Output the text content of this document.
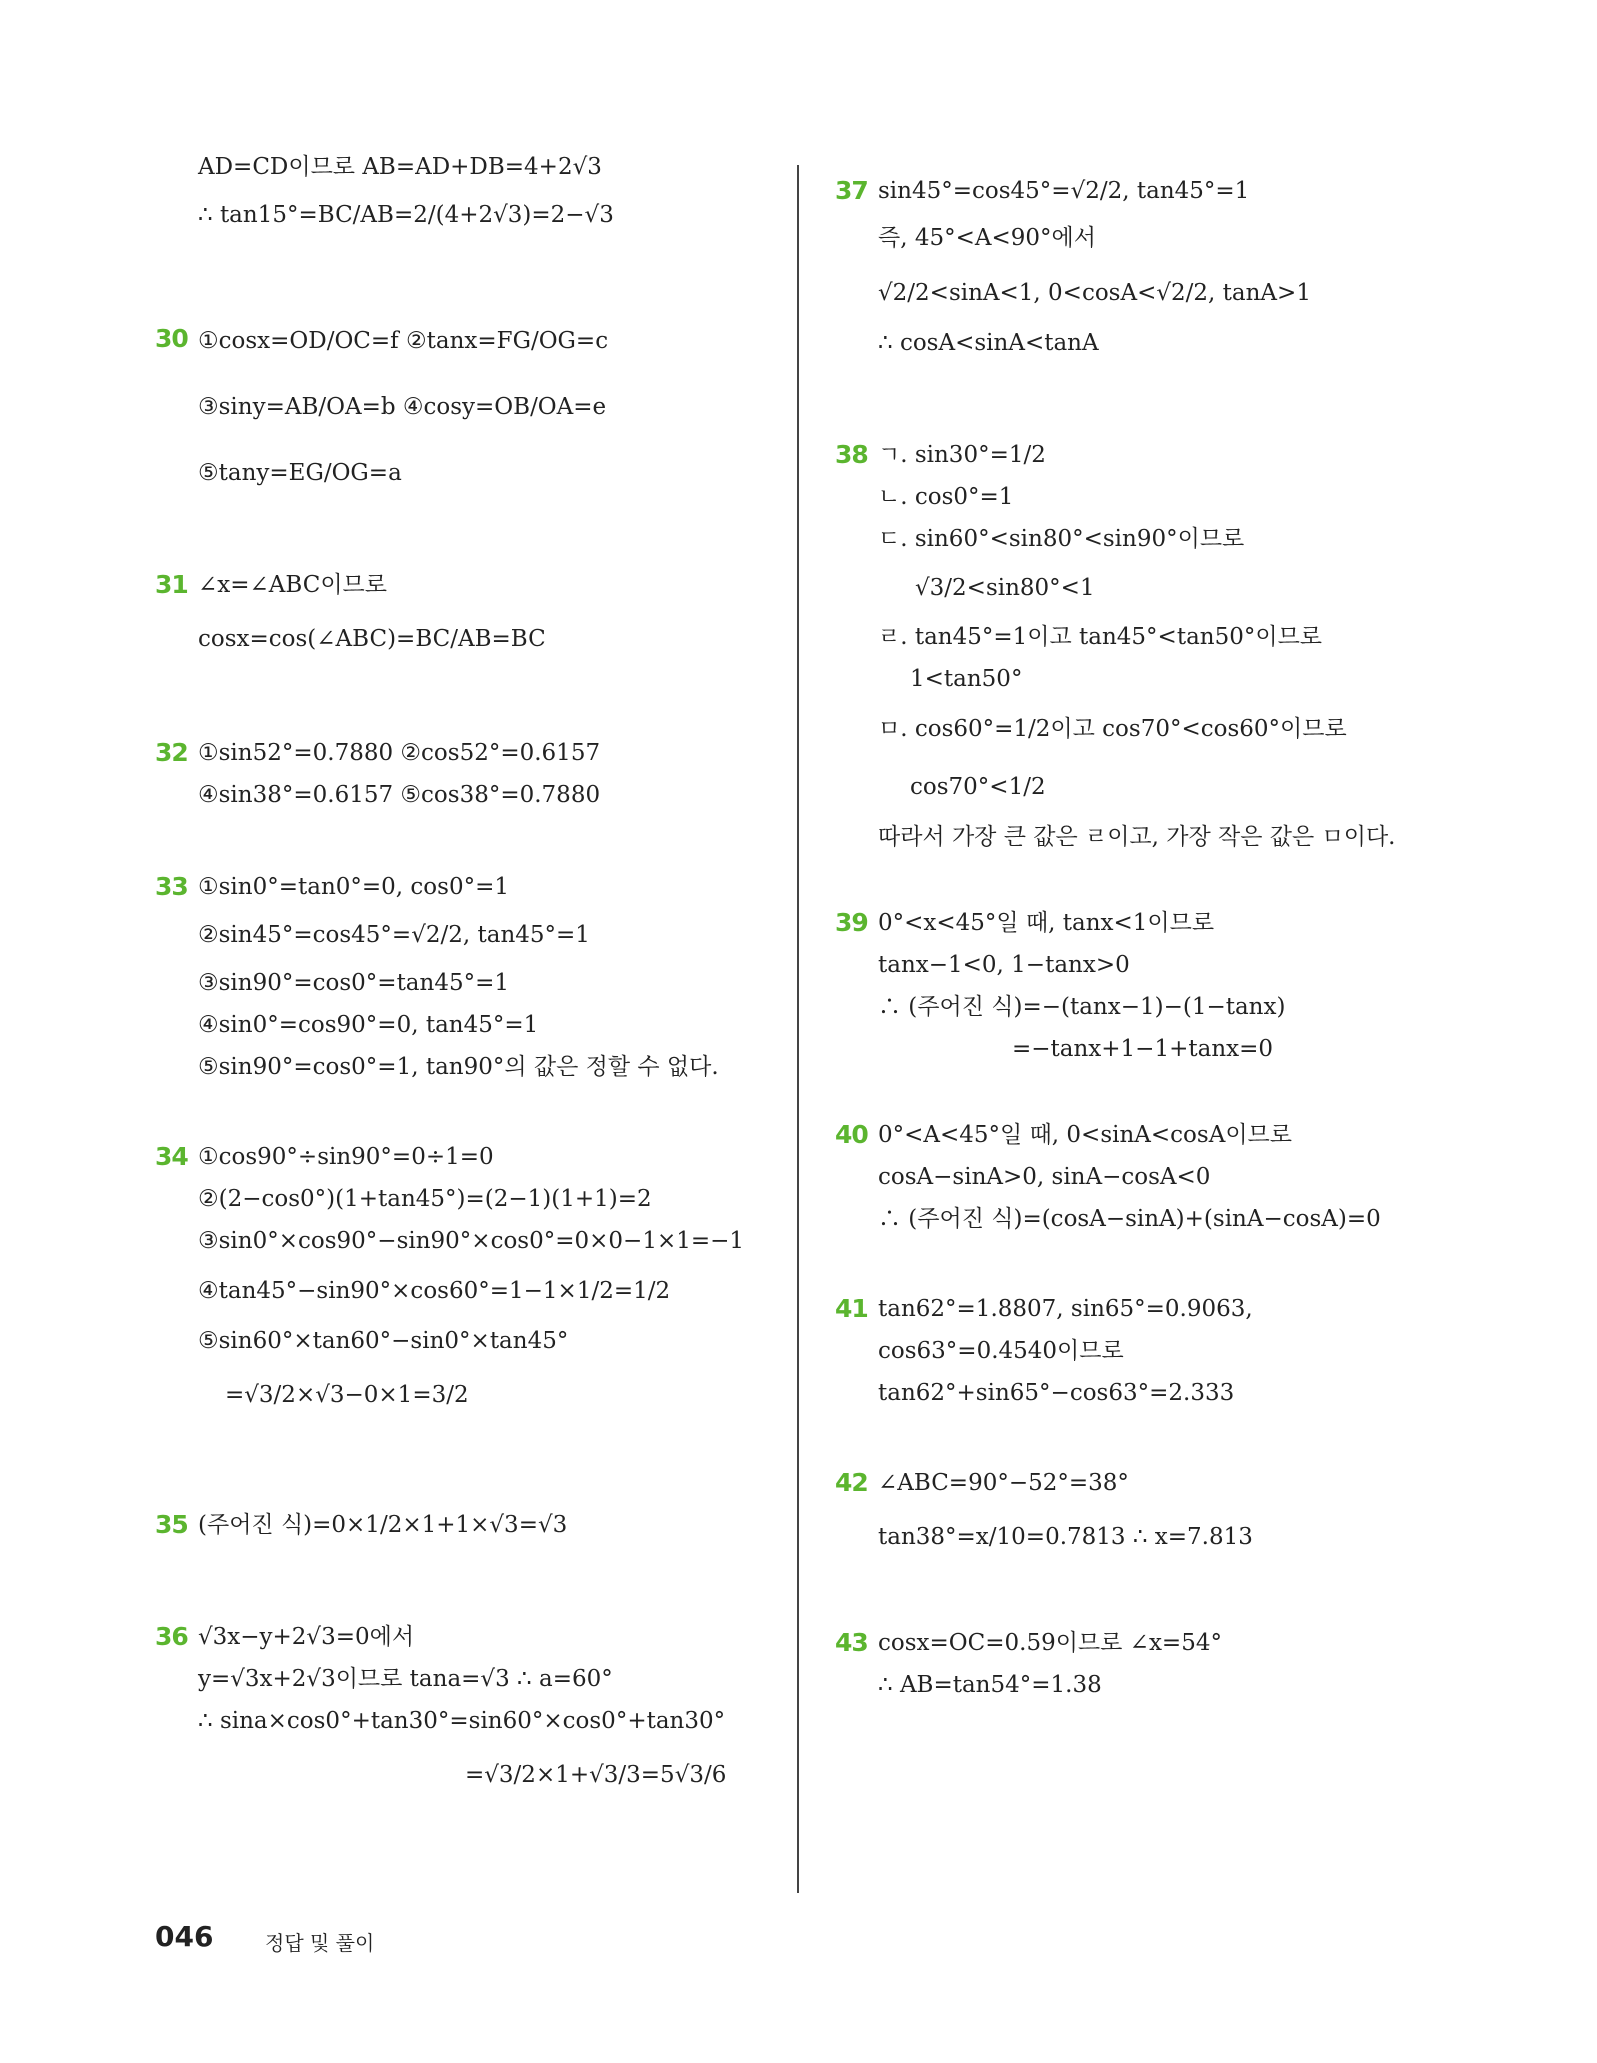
AD=CD이므로 AB=AD+DB=4+2√3
∴ tan15°=BC/AB=2/(4+2√3)=2−√3
30 ①cosx=OD/OC=f ②tanx=FG/OG=c
③siny=AB/OA=b ④cosy=OB/OA=e
⑤tany=EG/OG=a
31 ∠x=∠ABC이므로
cosx=cos(∠ABC)=BC/AB=BC
32 ①sin52°=0.7880 ②cos52°=0.6157
④sin38°=0.6157 ⑤cos38°=0.7880
33 ①sin0°=tan0°=0, cos0°=1
②sin45°=cos45°=√2/2, tan45°=1
③sin90°=cos0°=tan45°=1
④sin0°=cos90°=0, tan45°=1
⑤sin90°=cos0°=1, tan90°의 값은 정할 수 없다.
34 ①cos90°÷sin90°=0÷1=0
②(2−cos0°)(1+tan45°)=(2−1)(1+1)=2
③sin0°×cos90°−sin90°×cos0°=0×0−1×1=−1
④tan45°−sin90°×cos60°=1−1×1/2=1/2
⑤sin60°×tan60°−sin0°×tan45°
=√3/2×√3−0×1=3/2
35 (주어진 식)=0×1/2×1+1×√3=√3
36 √3x−y+2√3=0에서
y=√3x+2√3이므로 tana=√3 ∴ a=60°
∴ sina×cos0°+tan30°=sin60°×cos0°+tan30°
=√3/2×1+√3/3=5√3/6
37 sin45°=cos45°=√2/2, tan45°=1
즉, 45°<A<90°에서
√2/2<sinA<1, 0<cosA<√2/2, tanA>1
∴ cosA<sinA<tanA
38 ㄱ. sin30°=1/2
ㄴ. cos0°=1
ㄷ. sin60°<sin80°<sin90°이므로
√3/2<sin80°<1
ㄹ. tan45°=1이고 tan45°<tan50°이므로
1<tan50°
ㅁ. cos60°=1/2이고 cos70°<cos60°이므로
cos70°<1/2
따라서 가장 큰 값은 ㄹ이고, 가장 작은 값은 ㅁ이다.
39 0°<x<45°일 때, tanx<1이므로
tanx−1<0, 1−tanx>0
∴ (주어진 식)=−(tanx−1)−(1−tanx)
=−tanx+1−1+tanx=0
40 0°<A<45°일 때, 0<sinA<cosA이므로
cosA−sinA>0, sinA−cosA<0
∴ (주어진 식)=(cosA−sinA)+(sinA−cosA)=0
41 tan62°=1.8807, sin65°=0.9063,
cos63°=0.4540이므로
tan62°+sin65°−cos63°=2.333
42 ∠ABC=90°−52°=38°
tan38°=x/10=0.7813 ∴ x=7.813
43 cosx=OC=0.59이므로 ∠x=54°
∴ AB=tan54°=1.38
046	정답 및 풀이
